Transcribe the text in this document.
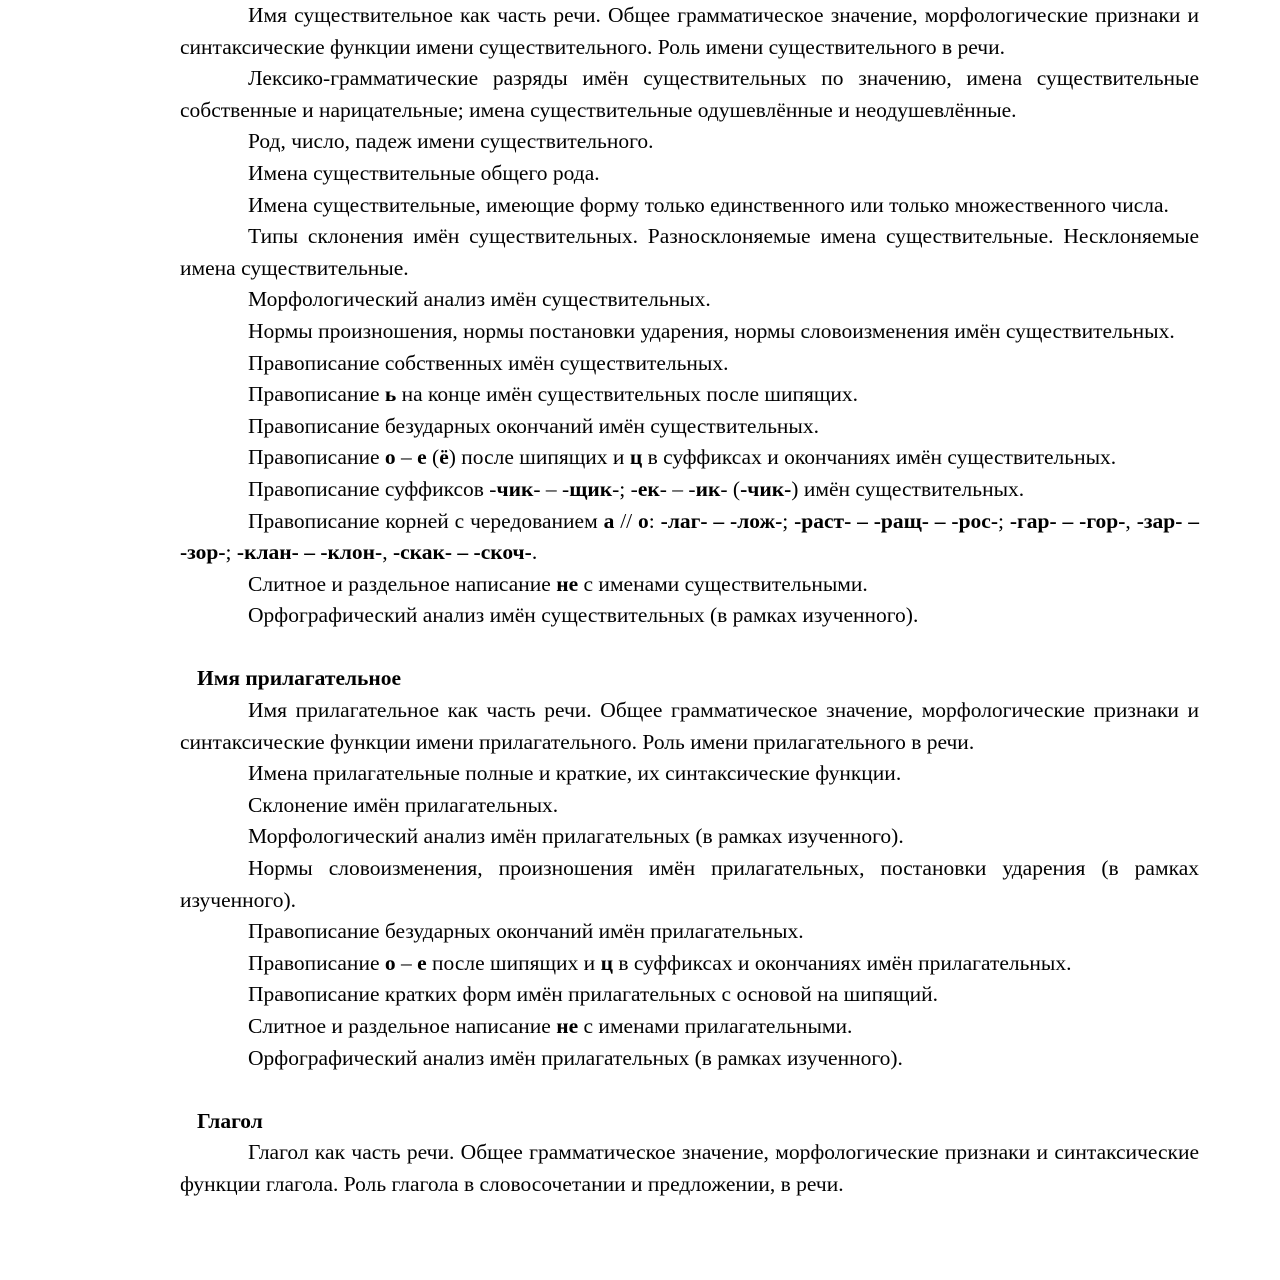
Имя существительное как часть речи. Общее грамматическое значение, морфологические признаки и синтаксические функции имени существительного. Роль имени существительного в речи.

Лексико-грамматические разряды имён существительных по значению, имена существительные собственные и нарицательные; имена существительные одушевлённые и неодушевлённые.

Род, число, падеж имени существительного.

Имена существительные общего рода.

Имена существительные, имеющие форму только единственного или только множественного числа.

Типы склонения имён существительных. Разносклоняемые имена существительные. Несклоняемые имена существительные.

Морфологический анализ имён существительных.

Нормы произношения, нормы постановки ударения, нормы словоизменения имён существительных.

Правописание собственных имён существительных.

Правописание ь на конце имён существительных после шипящих.

Правописание безударных окончаний имён существительных.

Правописание о – е (ё) после шипящих и ц в суффиксах и окончаниях имён существительных.

Правописание суффиксов -чик- – -щик-; -ек- – -ик- (-чик-) имён существительных.

Правописание корней с чередованием а // о: -лаг- – -лож-; -раст- – -ращ- – -рос-; -гар- – -гор-, -зар- – -зор-; -клан- – -клон-, -скак- – -скоч-.

Слитное и раздельное написание не с именами существительными.

Орфографический анализ имён существительных (в рамках изученного).

Имя прилагательное

Имя прилагательное как часть речи. Общее грамматическое значение, морфологические признаки и синтаксические функции имени прилагательного. Роль имени прилагательного в речи.

Имена прилагательные полные и краткие, их синтаксические функции.

Склонение имён прилагательных.

Морфологический анализ имён прилагательных (в рамках изученного).

Нормы словоизменения, произношения имён прилагательных, постановки ударения (в рамках изученного).

Правописание безударных окончаний имён прилагательных.

Правописание о – е после шипящих и ц в суффиксах и окончаниях имён прилагательных.

Правописание кратких форм имён прилагательных с основой на шипящий.

Слитное и раздельное написание не с именами прилагательными.

Орфографический анализ имён прилагательных (в рамках изученного).

Глагол

Глагол как часть речи. Общее грамматическое значение, морфологические признаки и синтаксические функции глагола. Роль глагола в словосочетании и предложении, в речи.
